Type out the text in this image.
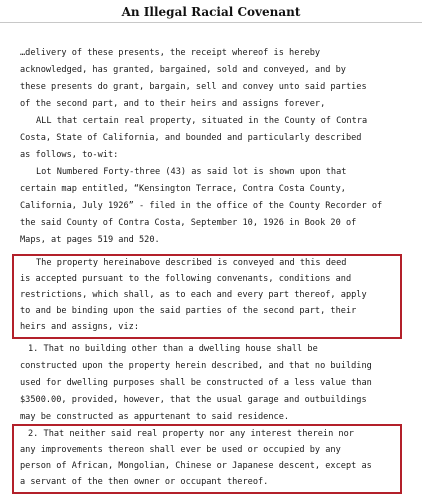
An Illegal Racial Covenant
…delivery of these presents, the receipt whereof is hereby
acknowledged, has granted, bargained, sold and conveyed, and by
these presents do grant, bargain, sell and convey unto said parties
of the second part, and to their heirs and assigns forever,
ALL that certain real property, situated in the County of Contra
Costa, State of California, and bounded and particularly described
as follows, to-wit:
Lot Numbered Forty-three (43) as said lot is shown upon that
certain map entitled, “Kensington Terrace, Contra Costa County,
California, July 1926” - filed in the office of the County Recorder of
the said County of Contra Costa, September 10, 1926 in Book 20 of
Maps, at pages 519 and 520.
The property hereinabove described is conveyed and this deed
is accepted pursuant to the following convenants, conditions and
restrictions, which shall, as to each and every part thereof, apply
to and be binding upon the said parties of the second part, their
heirs and assigns, viz:
1. That no building other than a dwelling house shall be
constructed upon the property herein described, and that no building
used for dwelling purposes shall be constructed of a less value than
$3500.00, provided, however, that the usual garage and outbuildings
may be constructed as appurtenant to said residence.
2. That neither said real property nor any interest therein nor
any improvements thereon shall ever be used or occupied by any
person of African, Mongolian, Chinese or Japanese descent, except as
a servant of the then owner or occupant thereof.
